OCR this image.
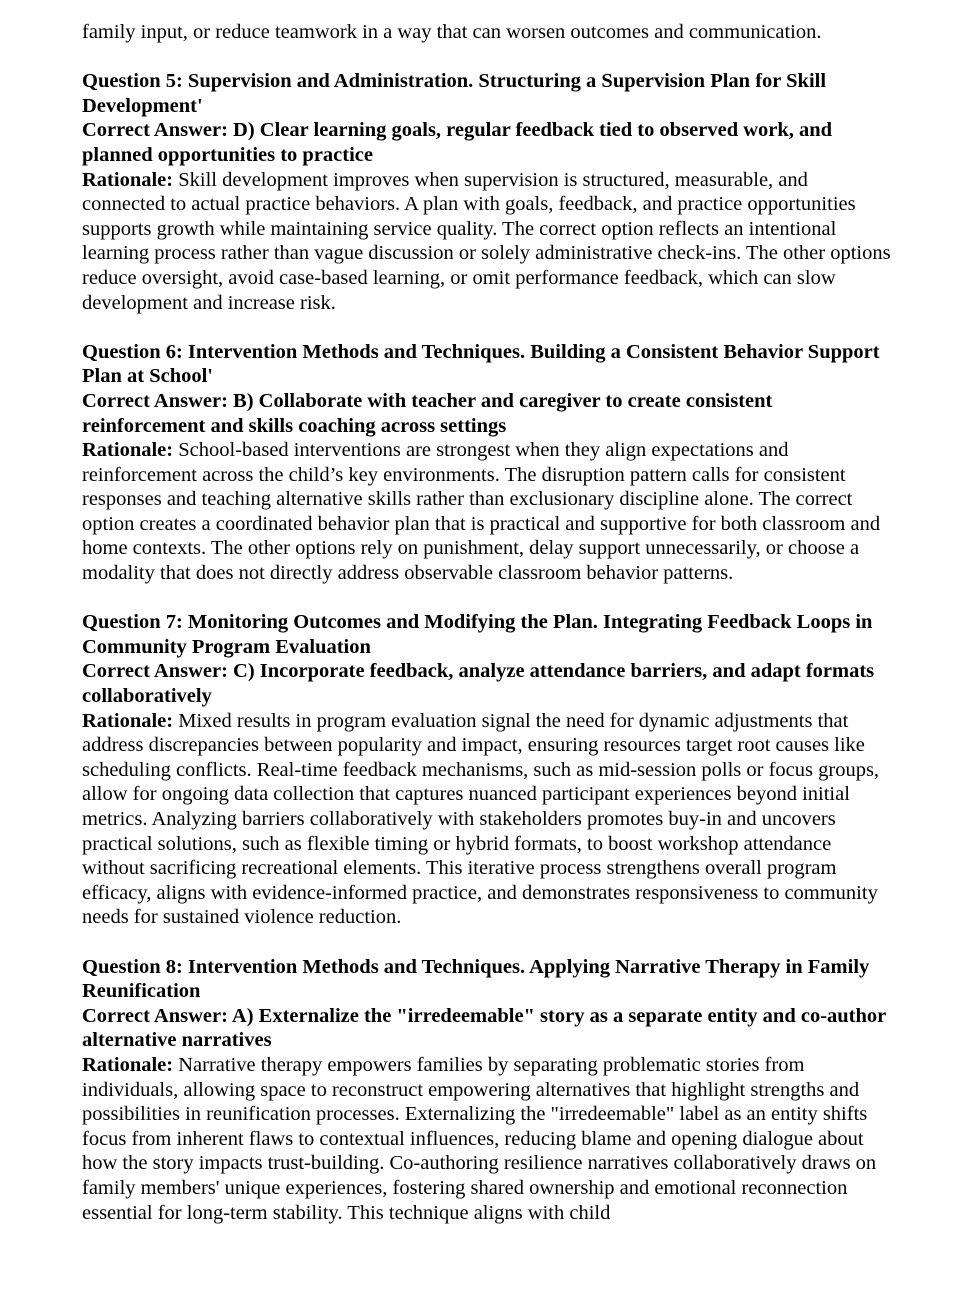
family input, or reduce teamwork in a way that can worsen outcomes and communication.

Question 5: Supervision and Administration. Structuring a Supervision Plan for Skill Development'

Correct Answer: D) Clear learning goals, regular feedback tied to observed work, and planned opportunities to practice

Rationale: Skill development improves when supervision is structured, measurable, and connected to actual practice behaviors. A plan with goals, feedback, and practice opportunities supports growth while maintaining service quality. The correct option reflects an intentional learning process rather than vague discussion or solely administrative check-ins. The other options reduce oversight, avoid case-based learning, or omit performance feedback, which can slow development and increase risk.

Question 6: Intervention Methods and Techniques. Building a Consistent Behavior Support Plan at School'

Correct Answer: B) Collaborate with teacher and caregiver to create consistent reinforcement and skills coaching across settings

Rationale: School-based interventions are strongest when they align expectations and reinforcement across the child’s key environments. The disruption pattern calls for consistent responses and teaching alternative skills rather than exclusionary discipline alone. The correct option creates a coordinated behavior plan that is practical and supportive for both classroom and home contexts. The other options rely on punishment, delay support unnecessarily, or choose a modality that does not directly address observable classroom behavior patterns.

Question 7: Monitoring Outcomes and Modifying the Plan. Integrating Feedback Loops in Community Program Evaluation

Correct Answer: C) Incorporate feedback, analyze attendance barriers, and adapt formats collaboratively

Rationale: Mixed results in program evaluation signal the need for dynamic adjustments that address discrepancies between popularity and impact, ensuring resources target root causes like scheduling conflicts. Real-time feedback mechanisms, such as mid-session polls or focus groups, allow for ongoing data collection that captures nuanced participant experiences beyond initial metrics. Analyzing barriers collaboratively with stakeholders promotes buy-in and uncovers practical solutions, such as flexible timing or hybrid formats, to boost workshop attendance without sacrificing recreational elements. This iterative process strengthens overall program efficacy, aligns with evidence-informed practice, and demonstrates responsiveness to community needs for sustained violence reduction.

Question 8: Intervention Methods and Techniques. Applying Narrative Therapy in Family Reunification

Correct Answer: A) Externalize the "irredeemable" story as a separate entity and co-author alternative narratives

Rationale: Narrative therapy empowers families by separating problematic stories from individuals, allowing space to reconstruct empowering alternatives that highlight strengths and possibilities in reunification processes. Externalizing the "irredeemable" label as an entity shifts focus from inherent flaws to contextual influences, reducing blame and opening dialogue about how the story impacts trust-building. Co-authoring resilience narratives collaboratively draws on family members' unique experiences, fostering shared ownership and emotional reconnection essential for long-term stability. This technique aligns with child
